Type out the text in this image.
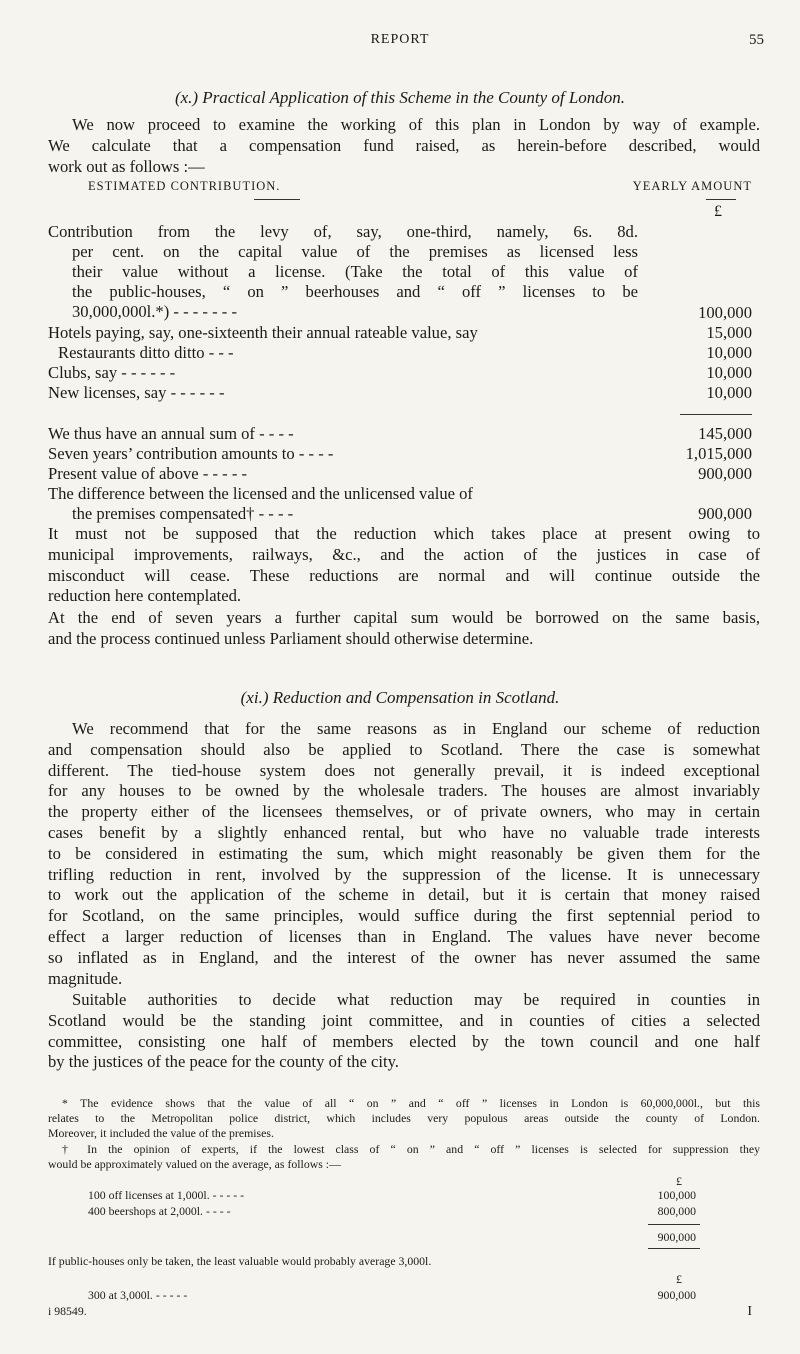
REPORT	55
(x.) Practical Application of this Scheme in the County of London.
We now proceed to examine the working of this plan in London by way of example.
We calculate that a compensation fund raised, as herein-before described, would
work out as follows :—
ESTIMATED CONTRIBUTION.	YEARLY AMOUNT
£
Contribution from the levy of, say, one-third, namely, 6s. 8d.
per cent. on the capital value of the premises as licensed less
their value without a license. (Take the total of this value of
the public-houses, “ on ” beerhouses and “ off ” licenses to be
30,000,000l.*) - - - - - - -	100,000
Hotels paying, say, one-sixteenth their annual rateable value, say	15,000
Restaurants ditto ditto - - -	10,000
Clubs, say - - - - - -	10,000
New licenses, say - - - - - -	10,000
We thus have an annual sum of - - - -	145,000
Seven years’ contribution amounts to - - - -	1,015,000
Present value of above - - - - -	900,000
The difference between the licensed and the unlicensed value of
the premises compensated† - - - -	900,000
It must not be supposed that the reduction which takes place at present owing to
municipal improvements, railways, &c., and the action of the justices in case of
misconduct will cease. These reductions are normal and will continue outside the
reduction here contemplated.
At the end of seven years a further capital sum would be borrowed on the same basis,
and the process continued unless Parliament should otherwise determine.
(xi.) Reduction and Compensation in Scotland.
We recommend that for the same reasons as in England our scheme of reduction
and compensation should also be applied to Scotland. There the case is somewhat
different. The tied-house system does not generally prevail, it is indeed exceptional
for any houses to be owned by the wholesale traders. The houses are almost invariably
the property either of the licensees themselves, or of private owners, who may in certain
cases benefit by a slightly enhanced rental, but who have no valuable trade interests
to be considered in estimating the sum, which might reasonably be given them for the
trifling reduction in rent, involved by the suppression of the license. It is unnecessary
to work out the application of the scheme in detail, but it is certain that money raised
for Scotland, on the same principles, would suffice during the first septennial period to
effect a larger reduction of licenses than in England. The values have never become
so inflated as in England, and the interest of the owner has never assumed the same
magnitude.
Suitable authorities to decide what reduction may be required in counties in
Scotland would be the standing joint committee, and in counties of cities a selected
committee, consisting one half of members elected by the town council and one half
by the justices of the peace for the county of the city.
* The evidence shows that the value of all “ on ” and “ off ” licenses in London is 60,000,000l., but this
relates to the Metropolitan police district, which includes very populous areas outside the county of London.
Moreover, it included the value of the premises.
† In the opinion of experts, if the lowest class of “ on ” and “ off ” licenses is selected for suppression they
would be approximately valued on the average, as follows :—
£
100 off licenses at 1,000l. - - - - -	100,000
400 beershops at 2,000l. - - - -	800,000
900,000
If public-houses only be taken, the least valuable would probably average 3,000l.
£
300 at 3,000l. - - - - -	900,000
i 98549.	I
